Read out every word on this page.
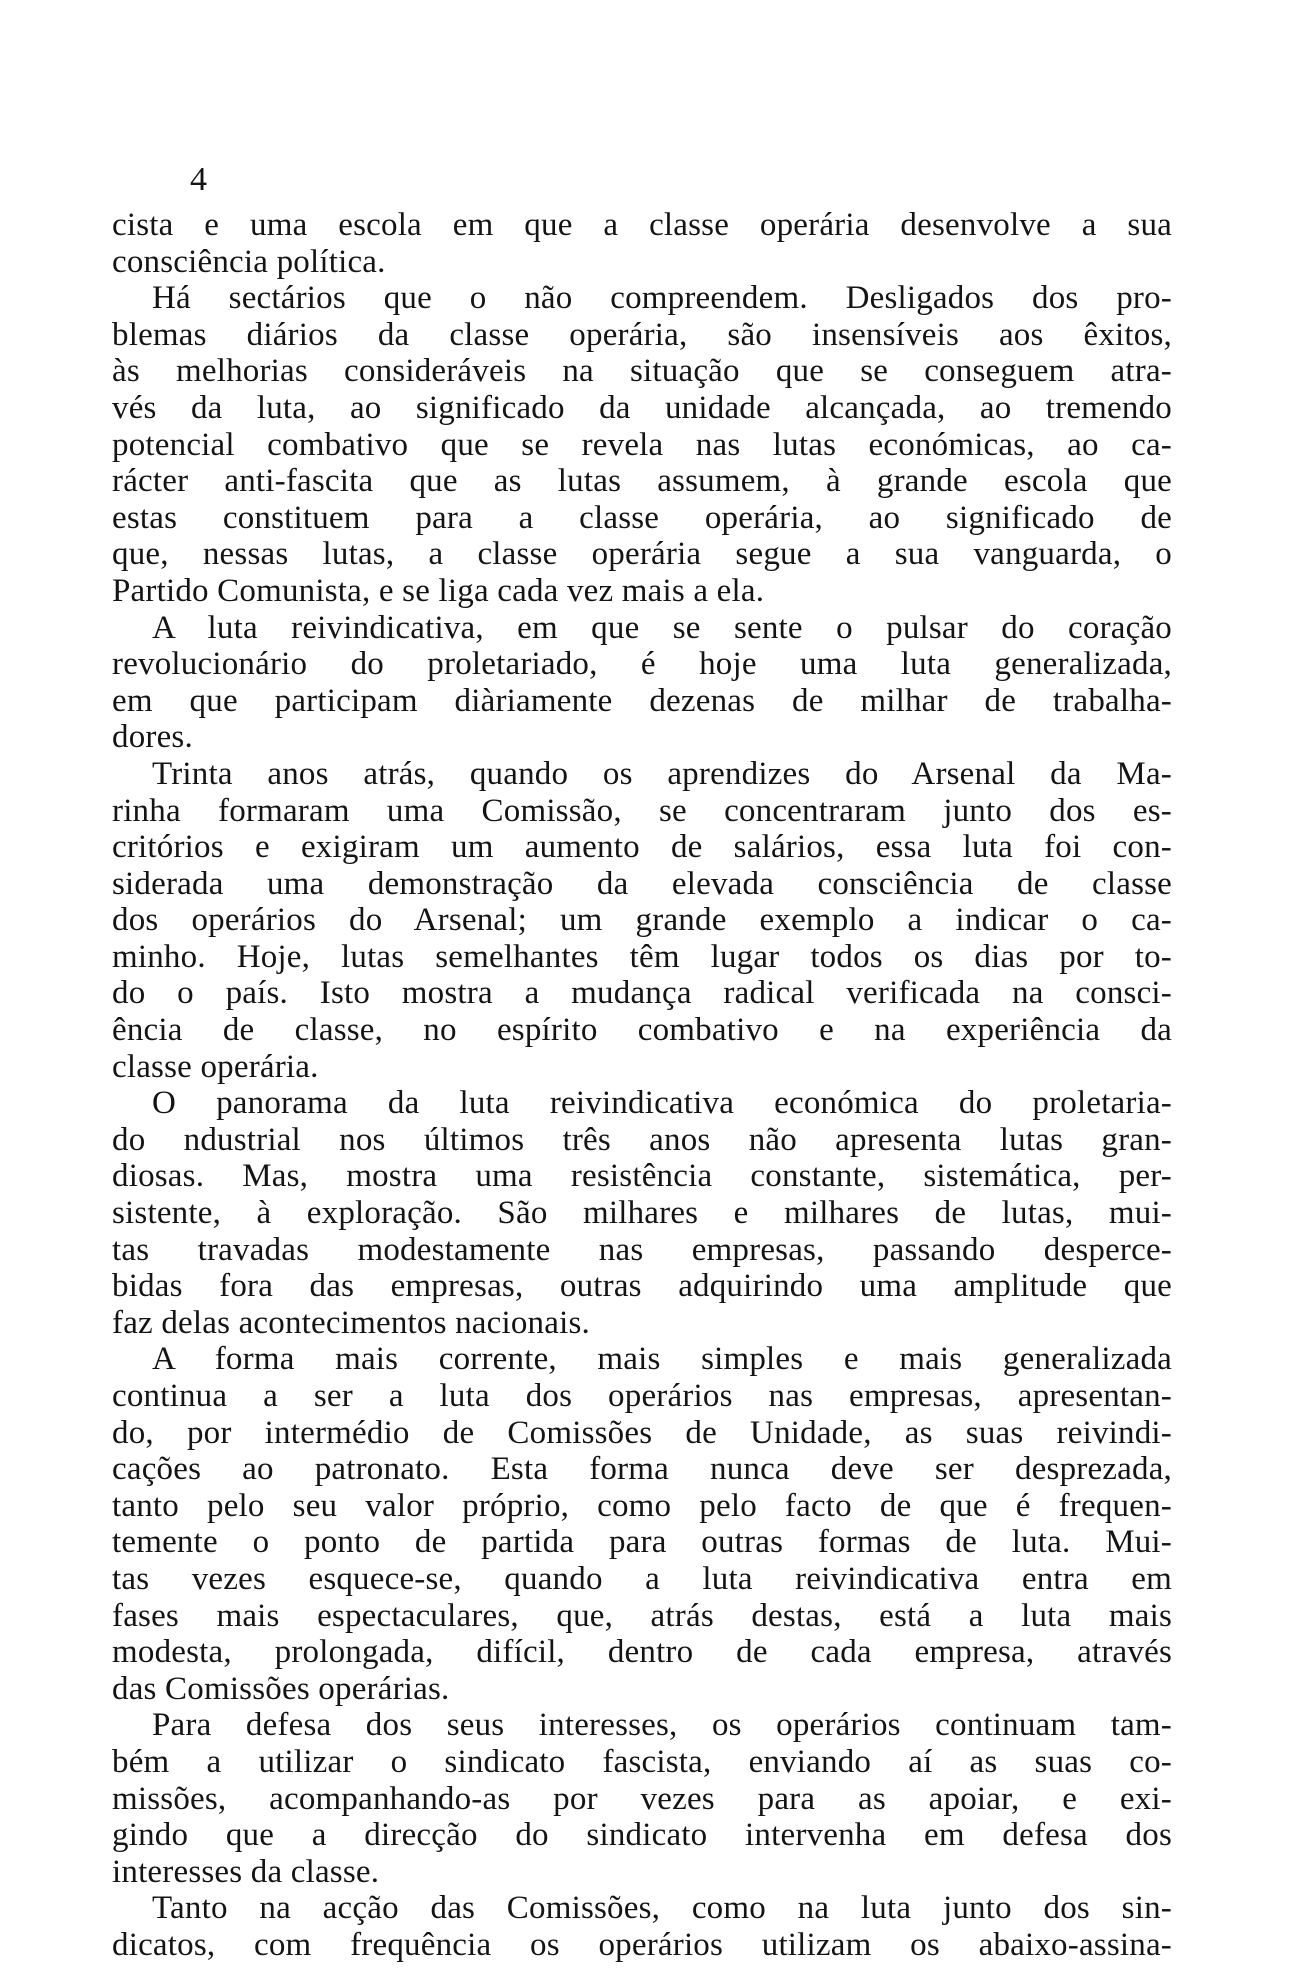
4
cista e uma escola em que a classe operária desenvolve a sua
consciência política.
Há sectários que o não compreendem. Desligados dos pro-
blemas diários da classe operária, são insensíveis aos êxitos,
às melhorias consideráveis na situação que se conseguem atra-
vés da luta, ao significado da unidade alcançada, ao tremendo
potencial combativo que se revela nas lutas económicas, ao ca-
rácter anti-fascita que as lutas assumem, à grande escola que
estas constituem para a classe operária, ao significado de
que, nessas lutas, a classe operária segue a sua vanguarda, o
Partido Comunista, e se liga cada vez mais a ela.
A luta reivindicativa, em que se sente o pulsar do coração
revolucionário do proletariado, é hoje uma luta generalizada,
em que participam diàriamente dezenas de milhar de trabalha-
dores.
Trinta anos atrás, quando os aprendizes do Arsenal da Ma-
rinha formaram uma Comissão, se concentraram junto dos es-
critórios e exigiram um aumento de salários, essa luta foi con-
siderada uma demonstração da elevada consciência de classe
dos operários do Arsenal; um grande exemplo a indicar o ca-
minho. Hoje, lutas semelhantes têm lugar todos os dias por to-
do o país. Isto mostra a mudança radical verificada na consci-
ência de classe, no espírito combativo e na experiência da
classe operária.
O panorama da luta reivindicativa económica do proletaria-
do ndustrial nos últimos três anos não apresenta lutas gran-
diosas. Mas, mostra uma resistência constante, sistemática, per-
sistente, à exploração. São milhares e milhares de lutas, mui-
tas travadas modestamente nas empresas, passando desperce-
bidas fora das empresas, outras adquirindo uma amplitude que
faz delas acontecimentos nacionais.
A forma mais corrente, mais simples e mais generalizada
continua a ser a luta dos operários nas empresas, apresentan-
do, por intermédio de Comissões de Unidade, as suas reivindi-
cações ao patronato. Esta forma nunca deve ser desprezada,
tanto pelo seu valor próprio, como pelo facto de que é frequen-
temente o ponto de partida para outras formas de luta. Mui-
tas vezes esquece-se, quando a luta reivindicativa entra em
fases mais espectaculares, que, atrás destas, está a luta mais
modesta, prolongada, difícil, dentro de cada empresa, através
das Comissões operárias.
Para defesa dos seus interesses, os operários continuam tam-
bém a utilizar o sindicato fascista, enviando aí as suas co-
missões, acompanhando-as por vezes para as apoiar, e exi-
gindo que a direcção do sindicato intervenha em defesa dos
interesses da classe.
Tanto na acção das Comissões, como na luta junto dos sin-
dicatos, com frequência os operários utilizam os abaixo-assina-
